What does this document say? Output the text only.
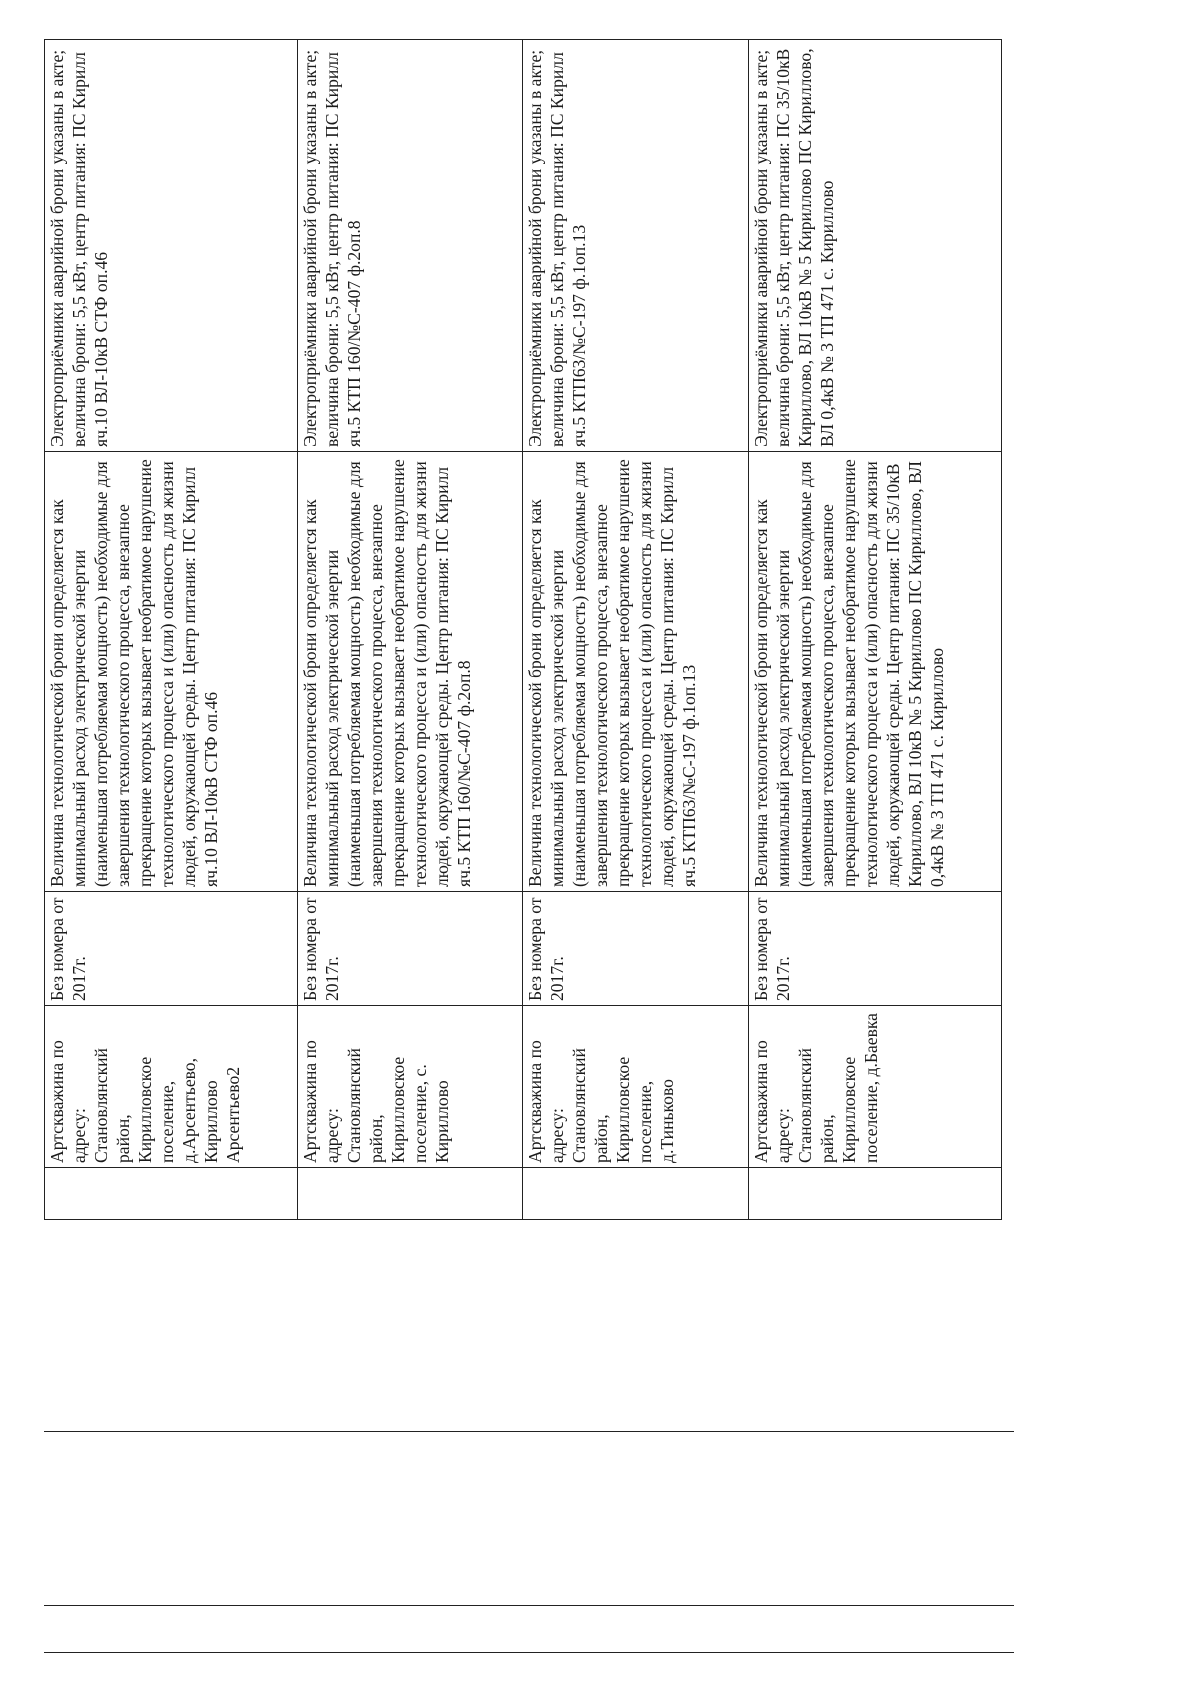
	Артскважина по адресу: Становлянский район, Кирилловское поселение, д.Арсентьево, Кириллово Арсентьево2	Без номера от 2017г.	Величина технологической брони определяется как минимальный расход электрической энергии (наименьшая потребляемая мощность) необходимые для завершения технологического процесса, внезапное прекращение которых вызывает необратимое нарушение технологического процесса и (или) опасность для жизни людей, окружающей среды. Центр питания: ПС Кирилл яч.10 ВЛ-10кВ СТФ оп.46	Электроприёмники аварийной брони указаны в акте; величина брони: 5,5 кВт, центр питания: ПС Кирилл яч.10 ВЛ-10кВ СТФ оп.46
	Артскважина по адресу: Становлянский район, Кирилловское поселение, с. Кириллово	Без номера от 2017г.	Величина технологической брони определяется как минимальный расход электрической энергии (наименьшая потребляемая мощность) необходимые для завершения технологического процесса, внезапное прекращение которых вызывает необратимое нарушение технологического процесса и (или) опасность для жизни людей, окружающей среды. Центр питания: ПС Кирилл яч.5 КТП 160/№С-407 ф.2оп.8	Электроприёмники аварийной брони указаны в акте; величина брони: 5,5 кВт, центр питания: ПС Кирилл яч.5 КТП 160/№С-407 ф.2оп.8
	Артскважина по адресу: Становлянский район, Кирилловское поселение, д.Тиньково	Без номера от 2017г.	Величина технологической брони определяется как минимальный расход электрической энергии (наименьшая потребляемая мощность) необходимые для завершения технологического процесса, внезапное прекращение которых вызывает необратимое нарушение технологического процесса и (или) опасность для жизни людей, окружающей среды. Центр питания: ПС Кирилл яч.5 КТП63/№С-197 ф.1оп.13	Электроприёмники аварийной брони указаны в акте; величина брони: 5,5 кВт, центр питания: ПС Кирилл яч.5 КТП63/№С-197 ф.1оп.13
	Артскважина по адресу: Становлянский район, Кирилловское поселение, д.Баевка	Без номера от 2017г.	Величина технологической брони определяется как минимальный расход электрической энергии (наименьшая потребляемая мощность) необходимые для завершения технологического процесса, внезапное прекращение которых вызывает необратимое нарушение технологического процесса и (или) опасность для жизни людей, окружающей среды. Центр питания: ПС 35/10кВ Кириллово, ВЛ 10кВ № 5 Кириллово ПС Кириллово, ВЛ 0,4кВ № 3 ТП 471 с. Кириллово	Электроприёмники аварийной брони указаны в акте; величина брони: 5,5 кВт, центр питания: ПС 35/10кВ Кириллово, ВЛ 10кВ № 5 Кириллово ПС Кириллово, ВЛ 0,4кВ № 3 ТП 471 с. Кириллово
